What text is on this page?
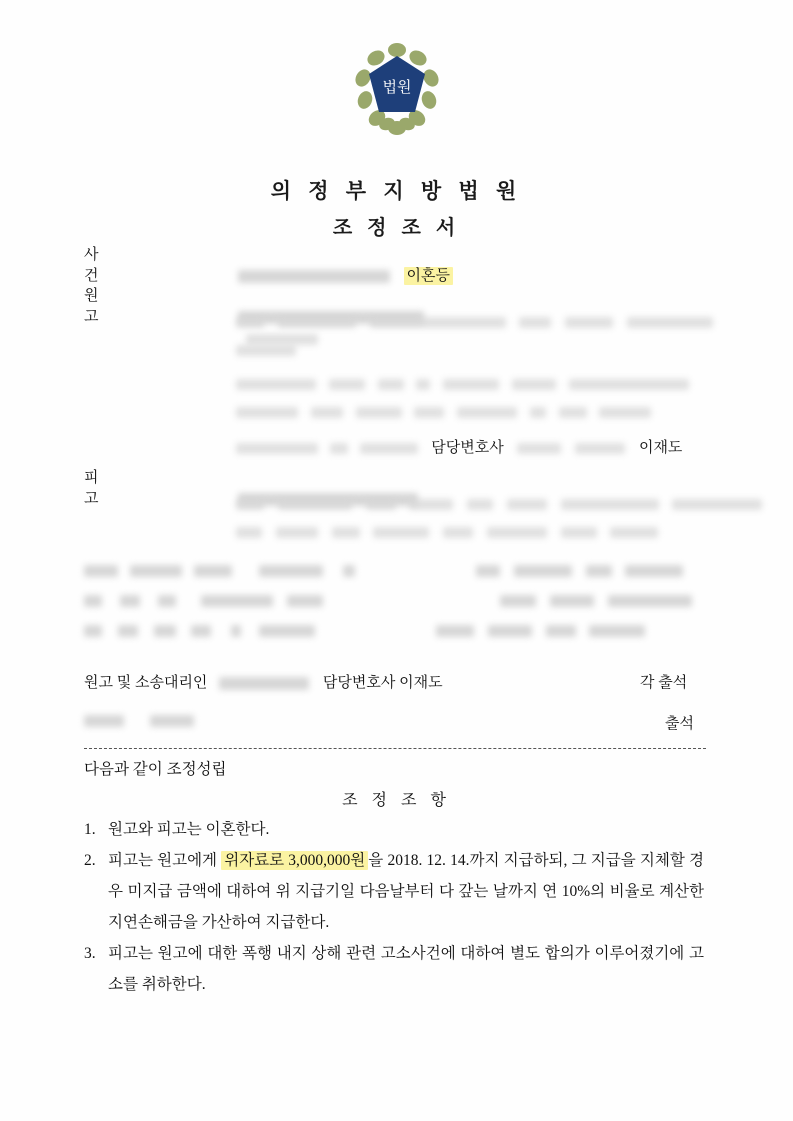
법원
의 정 부 지 방 법 원
조 정 조 서
사 건	이혼등
원 고

담당변호사	이재도
피 고

원고 및 소송대리인	담당변호사 이재도	각 출석

출석
다음과 같이 조정성립
조 정 조 항
1. 원고와 피고는 이혼한다.
2. 피고는 원고에게 위자료로 3,000,000원 을 2018. 12. 14.까지 지급하되, 그 지급을 지체할 경우 미지급 금액에 대하여 위 지급기일 다음날부터 다 갚는 날까지 연 10%의 비율로 계산한 지연손해금을 가산하여 지급한다.
3. 피고는 원고에 대한 폭행 내지 상해 관련 고소사건에 대하여 별도 합의가 이루어졌기에 고소를 취하한다.
